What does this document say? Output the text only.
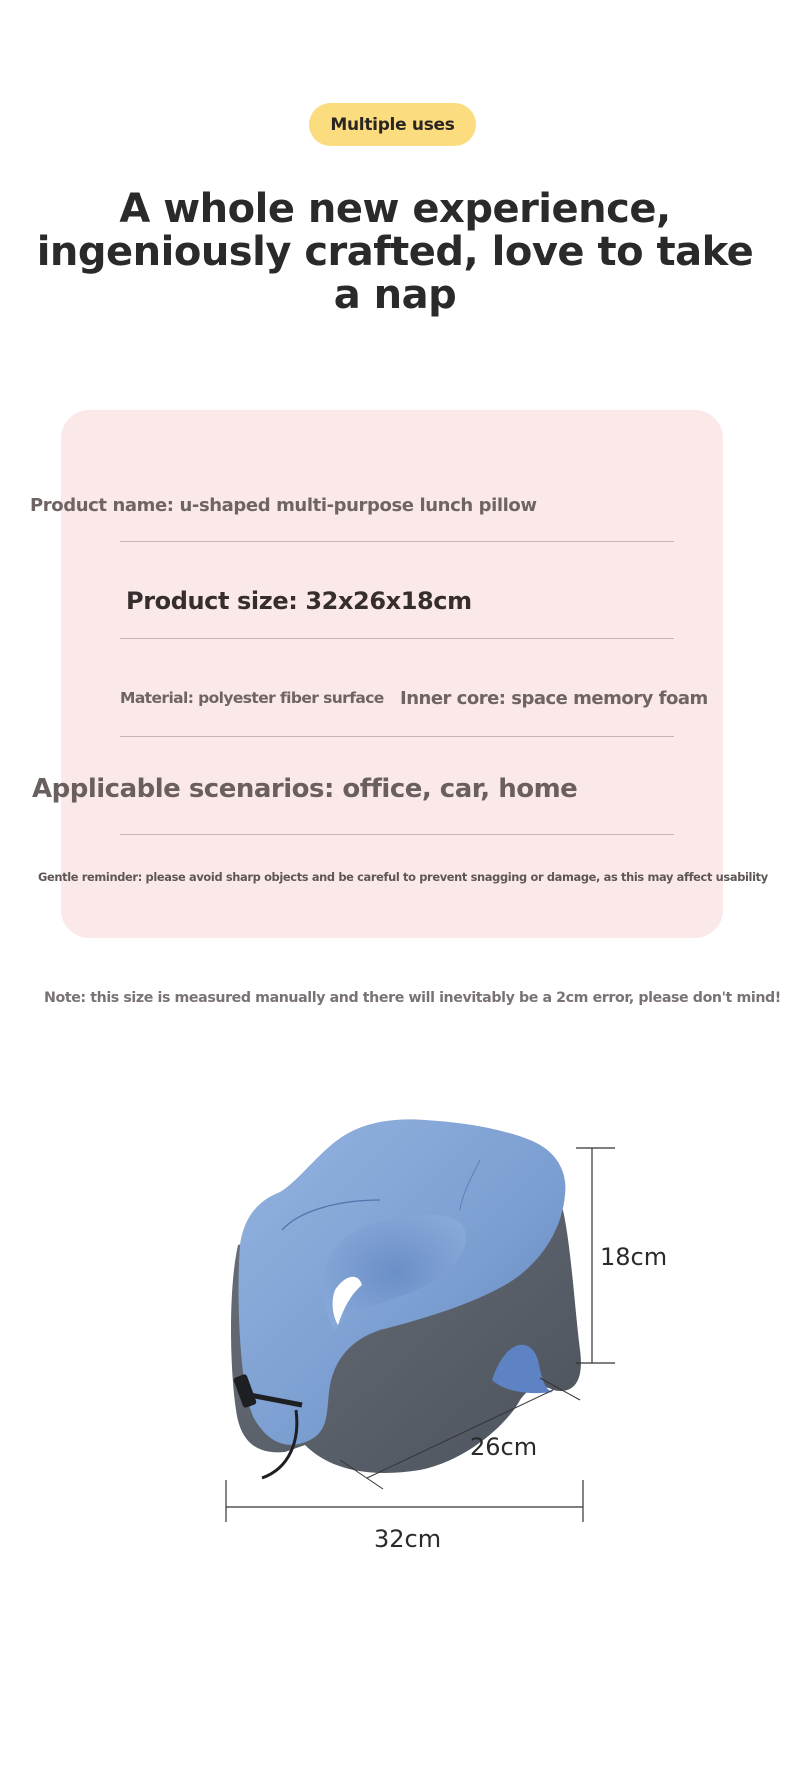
Multiple uses
A whole new experience,
ingeniously crafted, love to take
a nap
Product name: u-shaped multi-purpose lunch pillow
Product size: 32x26x18cm
Material: polyester fiber surface Inner core: space memory foam
Applicable scenarios: office, car, home
Gentle reminder: please avoid sharp objects and be careful to prevent snagging or damage, as this may affect usability
Note: this size is measured manually and there will inevitably be a 2cm error, please don't mind!
18cm
26cm
32cm
